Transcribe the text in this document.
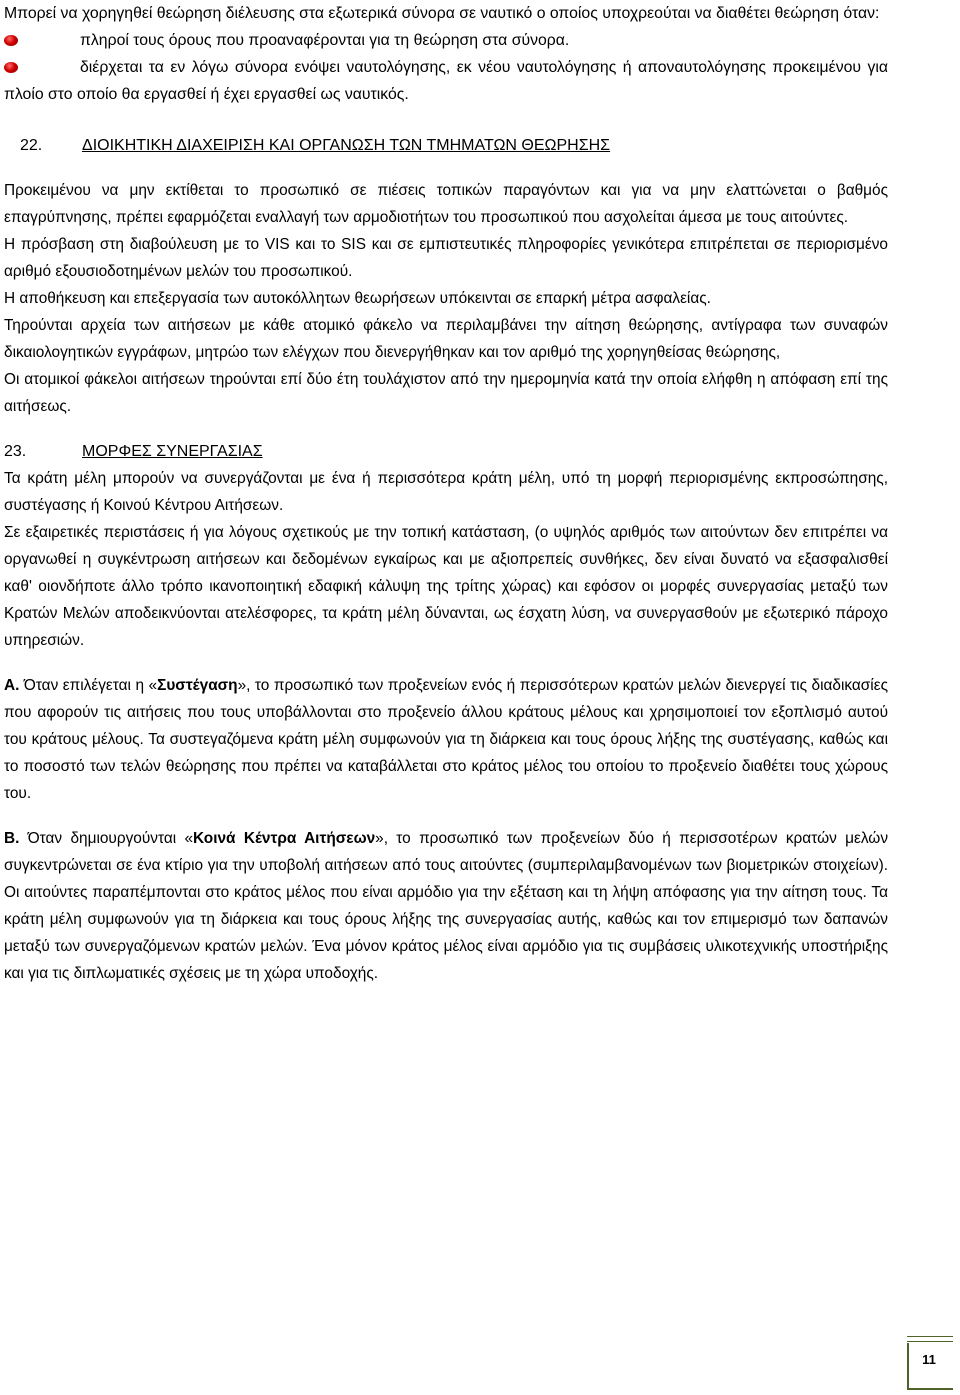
Μπορεί να χορηγηθεί θεώρηση διέλευσης στα εξωτερικά σύνορα σε ναυτικό ο οποίος υποχρεούται να διαθέτει θεώρηση όταν:

πληροί τους όρους που προαναφέρονται για τη θεώρηση στα σύνορα.

διέρχεται τα εν λόγω σύνορα ενόψει ναυτολόγησης, εκ νέου ναυτολόγησης ή αποναυτολόγησης προκειμένου για πλοίο στο οποίο θα εργασθεί ή έχει εργασθεί ως ναυτικός.

22.	ΔΙΟΙΚΗΤΙΚΗ ΔΙΑΧΕΙΡΙΣΗ ΚΑΙ ΟΡΓΑΝΩΣΗ ΤΩΝ ΤΜΗΜΑΤΩΝ ΘΕΩΡΗΣΗΣ

Προκειμένου να μην εκτίθεται το προσωπικό σε πιέσεις τοπικών παραγόντων και για να μην ελαττώνεται ο βαθμός επαγρύπνησης, πρέπει εφαρμόζεται εναλλαγή των αρμοδιοτήτων του προσωπικού που ασχολείται άμεσα με τους αιτούντες.

Η πρόσβαση στη διαβούλευση με το VIS και το SIS και σε εμπιστευτικές πληροφορίες γενικότερα επιτρέπεται σε περιορισμένο αριθμό εξουσιοδοτημένων μελών του προσωπικού.

Η αποθήκευση και επεξεργασία των αυτοκόλλητων θεωρήσεων υπόκεινται σε επαρκή μέτρα ασφαλείας.

Τηρούνται αρχεία των αιτήσεων με κάθε ατομικό φάκελο να περιλαμβάνει την αίτηση θεώρησης, αντίγραφα των συναφών δικαιολογητικών εγγράφων, μητρώο των ελέγχων που διενεργήθηκαν και τον αριθμό της χορηγηθείσας θεώρησης,

Οι ατομικοί φάκελοι αιτήσεων τηρούνται επί δύο έτη τουλάχιστον από την ημερομηνία κατά την οποία ελήφθη η απόφαση επί της αιτήσεως.

23.	ΜΟΡΦΕΣ ΣΥΝΕΡΓΑΣΙΑΣ

Τα κράτη μέλη μπορούν να συνεργάζονται με ένα ή περισσότερα κράτη μέλη, υπό τη μορφή περιορισμένης εκπροσώπησης, συστέγασης ή Κοινού Κέντρου Αιτήσεων.

Σε εξαιρετικές περιστάσεις ή για λόγους σχετικούς με την τοπική κατάσταση, (ο υψηλός αριθμός των αιτούντων δεν επιτρέπει να οργανωθεί η συγκέντρωση αιτήσεων και δεδομένων εγκαίρως και με αξιοπρεπείς συνθήκες, δεν είναι δυνατό να εξασφαλισθεί καθ' οιονδήποτε άλλο τρόπο ικανοποιητική εδαφική κάλυψη της τρίτης χώρας) και εφόσον οι μορφές συνεργασίας μεταξύ των Κρατών Μελών αποδεικνύονται ατελέσφορες, τα κράτη μέλη δύνανται, ως έσχατη λύση, να συνεργασθούν με εξωτερικό πάροχο υπηρεσιών.

Α. Όταν επιλέγεται η «Συστέγαση», το προσωπικό των προξενείων ενός ή περισσότερων κρατών μελών διενεργεί τις διαδικασίες που αφορούν τις αιτήσεις που τους υποβάλλονται στο προξενείο άλλου κράτους μέλους και χρησιμοποιεί τον εξοπλισμό αυτού του κράτους μέλους. Τα συστεγαζόμενα κράτη μέλη συμφωνούν για τη διάρκεια και τους όρους λήξης της συστέγασης, καθώς και το ποσοστό των τελών θεώρησης που πρέπει να καταβάλλεται στο κράτος μέλος του οποίου το προξενείο διαθέτει τους χώρους του.

Β. Όταν δημιουργούνται «Κοινά Κέντρα Αιτήσεων», το προσωπικό των προξενείων δύο ή περισσοτέρων κρατών μελών συγκεντρώνεται σε ένα κτίριο για την υποβολή αιτήσεων από τους αιτούντες (συμπεριλαμβανομένων των βιομετρικών στοιχείων). Οι αιτούντες παραπέμπονται στο κράτος μέλος που είναι αρμόδιο για την εξέταση και τη λήψη απόφασης για την αίτηση τους. Τα κράτη μέλη συμφωνούν για τη διάρκεια και τους όρους λήξης της συνεργασίας αυτής, καθώς και τον επιμερισμό των δαπανών μεταξύ των συνεργαζόμενων κρατών μελών. Ένα μόνον κράτος μέλος είναι αρμόδιο για τις συμβάσεις υλικοτεχνικής υποστήριξης και για τις διπλωματικές σχέσεις με τη χώρα υποδοχής.

11
